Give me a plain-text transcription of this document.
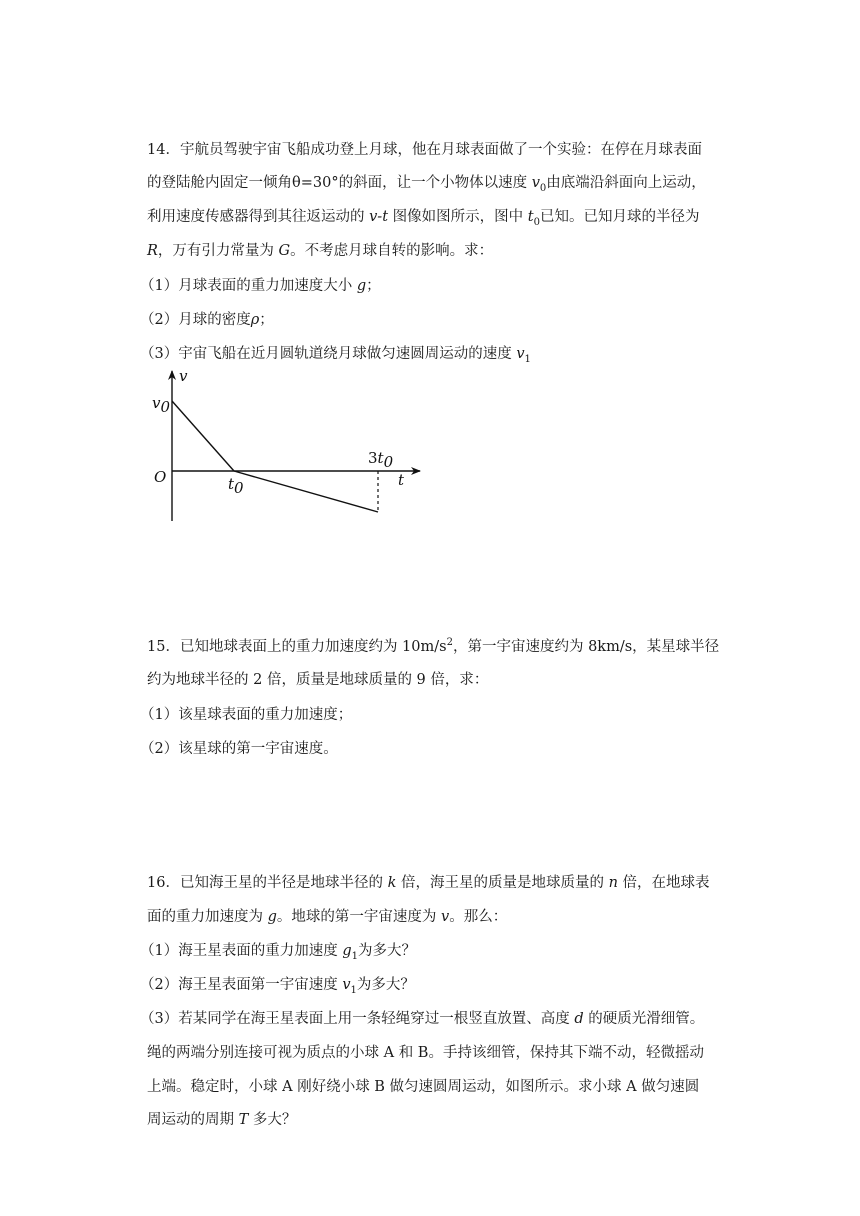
14．宇航员驾驶宇宙飞船成功登上月球，他在月球表面做了一个实验：在停在月球表面

的登陆舱内固定一倾角θ=30°的斜面，让一个小物体以速度 $v_0$由底端沿斜面向上运动，

利用速度传感器得到其往返运动的 v-t 图像如图所示，图中 $t_0$已知。已知月球的半径为

R，万有引力常量为 G。不考虑月球自转的影响。求：

（1）月球表面的重力加速度大小 g；

（2）月球的密度ρ；

（3）宇宙飞船在近月圆轨道绕月球做匀速圆周运动的速度 $v_1$

v
t
O
v0
t0
3t0

15．已知地球表面上的重力加速度约为 $10m/s^2$，第一宇宙速度约为 8km/s，某星球半径

约为地球半径的 2 倍，质量是地球质量的 9 倍，求：

（1）该星球表面的重力加速度；

（2）该星球的第一宇宙速度。

16．已知海王星的半径是地球半径的 k 倍，海王星的质量是地球质量的 n 倍，在地球表

面的重力加速度为 g。地球的第一宇宙速度为 v。那么：

（1）海王星表面的重力加速度 $g_1$为多大？

（2）海王星表面第一宇宙速度 $v_1$为多大？

（3）若某同学在海王星表面上用一条轻绳穿过一根竖直放置、高度 d 的硬质光滑细管。

绳的两端分别连接可视为质点的小球 A 和 B。手持该细管，保持其下端不动，轻微摇动

上端。稳定时，小球 A 刚好绕小球 B 做匀速圆周运动，如图所示。求小球 A 做匀速圆

周运动的周期 T 多大？
